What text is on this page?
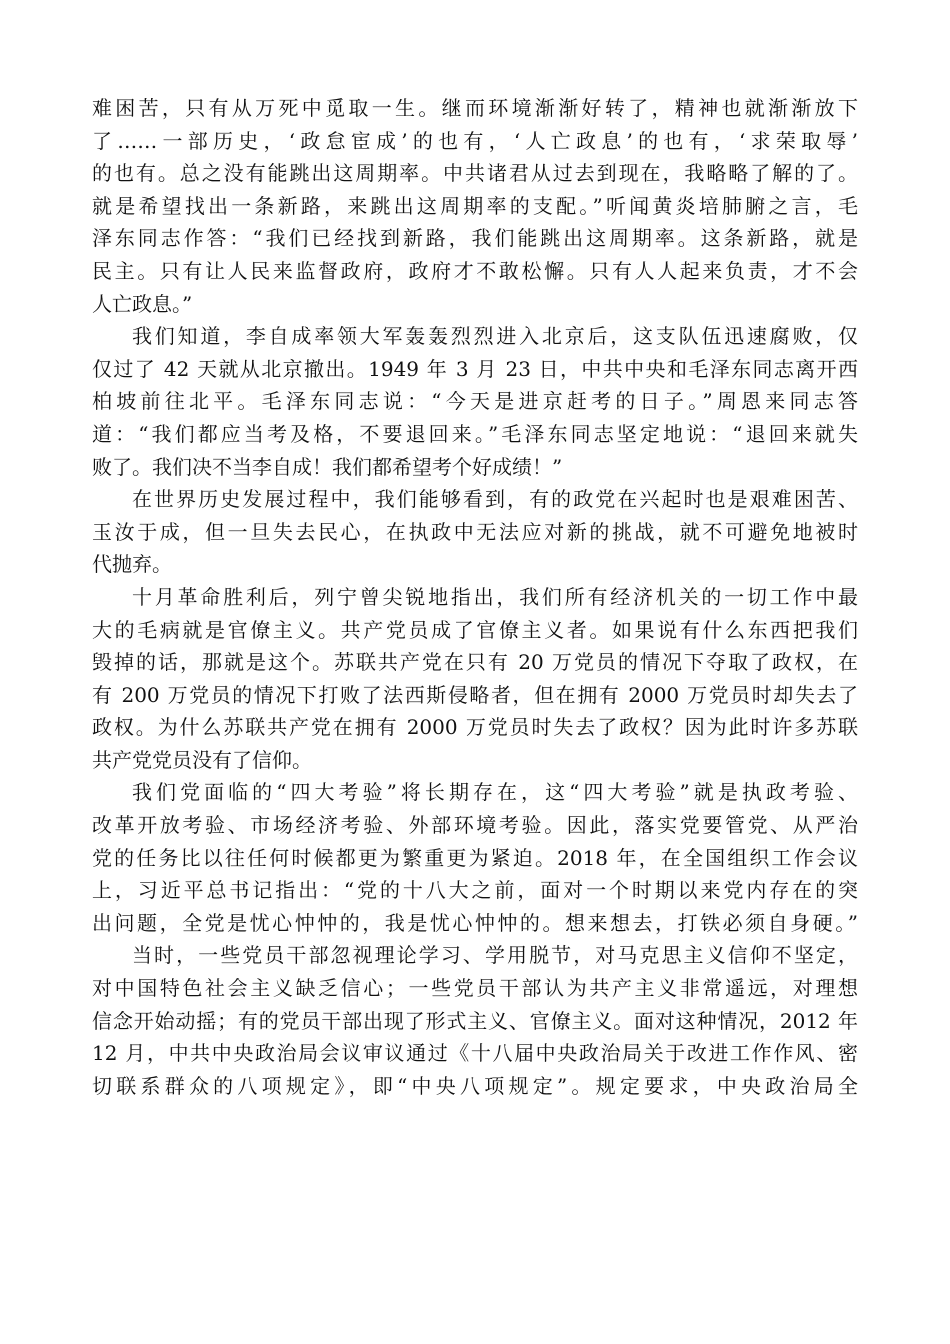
难困苦，只有从万死中觅取一生。继而环境渐渐好转了，精神也就渐渐放下
了……一部历史，‘政怠宦成’的也有，‘人亡政息’的也有，‘求荣取辱’
的也有。总之没有能跳出这周期率。中共诸君从过去到现在，我略略了解的了。
就是希望找出一条新路，来跳出这周期率的支配。”听闻黄炎培肺腑之言，毛
泽东同志作答：“我们已经找到新路，我们能跳出这周期率。这条新路，就是
民主。只有让人民来监督政府，政府才不敢松懈。只有人人起来负责，才不会
人亡政息。”
我们知道，李自成率领大军轰轰烈烈进入北京后，这支队伍迅速腐败，仅
仅过了 42 天就从北京撤出。1949 年 3 月 23 日，中共中央和毛泽东同志离开西
柏坡前往北平。毛泽东同志说：“今天是进京赶考的日子。”周恩来同志答
道：“我们都应当考及格，不要退回来。”毛泽东同志坚定地说：“退回来就失
败了。我们决不当李自成！我们都希望考个好成绩！”
在世界历史发展过程中，我们能够看到，有的政党在兴起时也是艰难困苦、
玉汝于成，但一旦失去民心，在执政中无法应对新的挑战，就不可避免地被时
代抛弃。
十月革命胜利后，列宁曾尖锐地指出，我们所有经济机关的一切工作中最
大的毛病就是官僚主义。共产党员成了官僚主义者。如果说有什么东西把我们
毁掉的话，那就是这个。苏联共产党在只有 20 万党员的情况下夺取了政权，在
有 200 万党员的情况下打败了法西斯侵略者，但在拥有 2000 万党员时却失去了
政权。为什么苏联共产党在拥有 2000 万党员时失去了政权？因为此时许多苏联
共产党党员没有了信仰。
我们党面临的“四大考验”将长期存在，这“四大考验”就是执政考验、
改革开放考验、市场经济考验、外部环境考验。因此，落实党要管党、从严治
党的任务比以往任何时候都更为繁重更为紧迫。2018 年，在全国组织工作会议
上，习近平总书记指出：“党的十八大之前，面对一个时期以来党内存在的突
出问题，全党是忧心忡忡的，我是忧心忡忡的。想来想去，打铁必须自身硬。”
当时，一些党员干部忽视理论学习、学用脱节，对马克思主义信仰不坚定，
对中国特色社会主义缺乏信心；一些党员干部认为共产主义非常遥远，对理想
信念开始动摇；有的党员干部出现了形式主义、官僚主义。面对这种情况，2012 年
12 月，中共中央政治局会议审议通过《十八届中央政治局关于改进工作作风、密
切联系群众的八项规定》，即“中央八项规定”。规定要求，中央政治局全
